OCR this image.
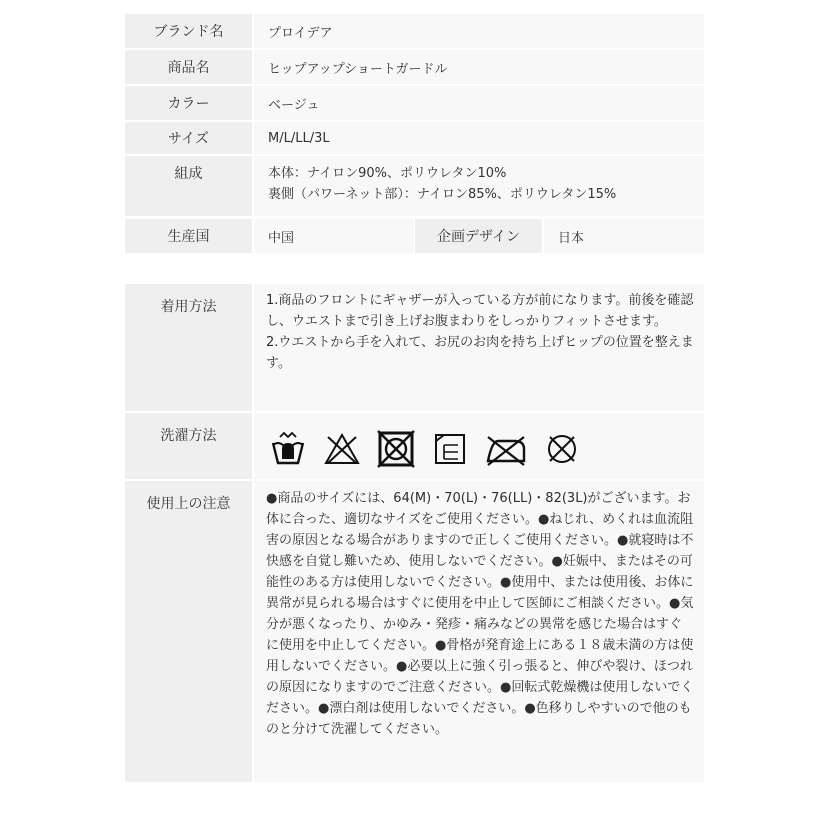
ブランド名	プロイデア
商品名	ヒップアップショートガードル
カラー	ベージュ
サイズ	M/L/LL/3L
組成	本体：ナイロン90%、ポリウレタン10%
裏側（パワーネット部）：ナイロン85%、ポリウレタン15%
生産国	中国	企画デザイン	日本
着用方法	1.商品のフロントにギャザーが入っている方が前になります。前後を確認し、ウエストまで引き上げお腹まわりをしっかりフィットさせます。
2.ウエストから手を入れて、お尻のお肉を持ち上げヒップの位置を整えます。
洗濯方法
使用上の注意	●商品のサイズには、64(M)・70(L)・76(LL)・82(3L)がございます。お体に合った、適切なサイズをご使用ください。●ねじれ、めくれは血流阻害の原因となる場合がありますので正しくご使用ください。●就寝時は不快感を自覚し難いため、使用しないでください。●妊娠中、またはその可能性のある方は使用しないでください。●使用中、または使用後、お体に異常が見られる場合はすぐに使用を中止して医師にご相談ください。●気分が悪くなったり、かゆみ・発疹・痛みなどの異常を感じた場合はすぐに使用を中止してください。●骨格が発育途上にある１８歳未満の方は使用しないでください。●必要以上に強く引っ張ると、伸びや裂け、ほつれの原因になりますのでご注意ください。●回転式乾燥機は使用しないでください。●漂白剤は使用しないでください。●色移りしやすいので他のものと分けて洗濯してください。
